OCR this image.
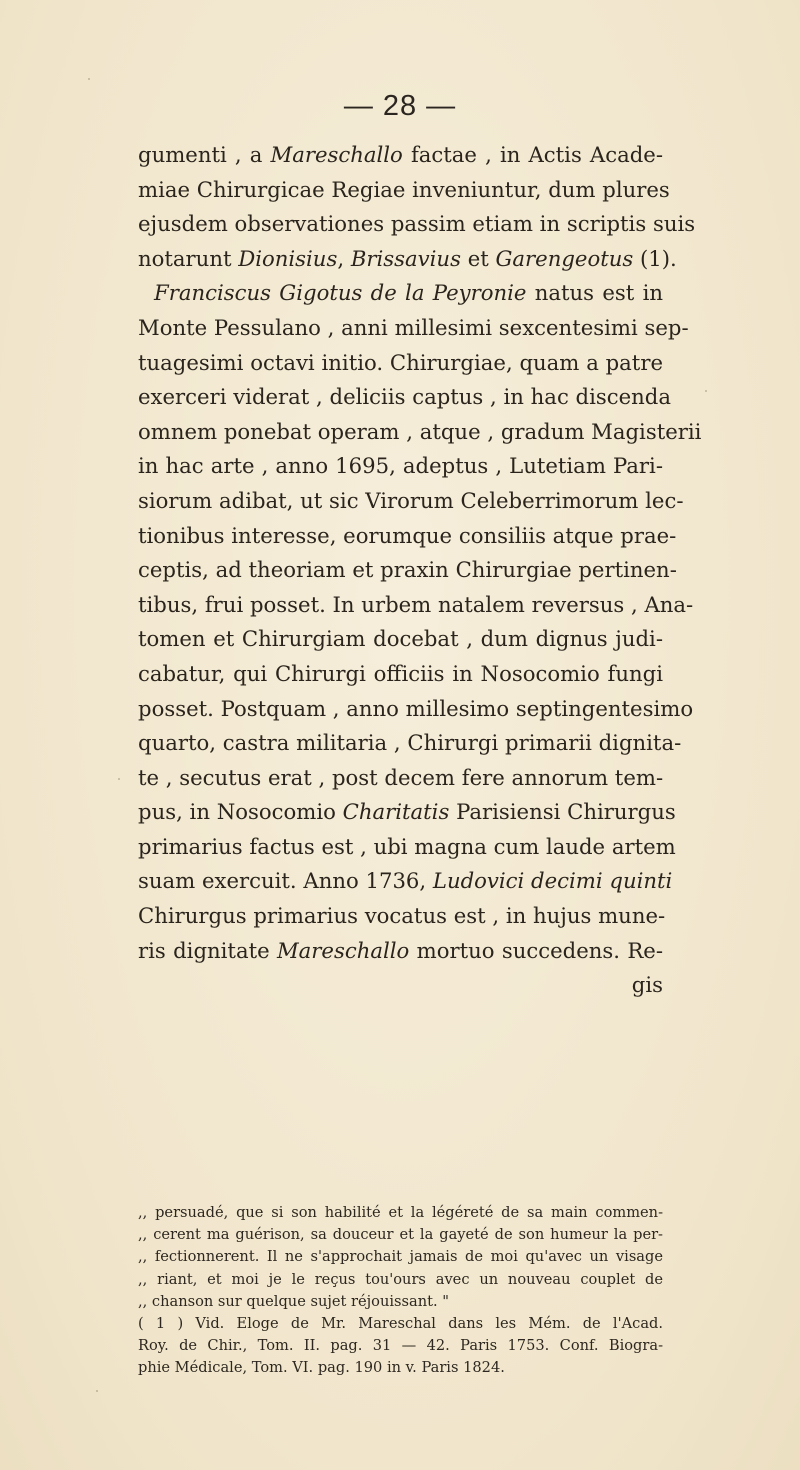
— 28 —
gumenti , a Mareschallo factae , in Actis Acade-
miae Chirurgicae Regiae inveniuntur, dum plures
ejusdem observationes passim etiam in scriptis suis
notarunt Dionisius, Brissavius et Garengeotus (1).
Franciscus Gigotus de la Peyronie natus est in
Monte Pessulano , anni millesimi sexcentesimi sep-
tuagesimi octavi initio. Chirurgiae, quam a patre
exerceri viderat , deliciis captus , in hac discenda
omnem ponebat operam , atque , gradum Magisterii
in hac arte , anno 1695, adeptus , Lutetiam Pari-
siorum adibat, ut sic Virorum Celeberrimorum lec-
tionibus interesse, eorumque consiliis atque prae-
ceptis, ad theoriam et praxin Chirurgiae pertinen-
tibus, frui posset. In urbem natalem reversus , Ana-
tomen et Chirurgiam docebat , dum dignus judi-
cabatur, qui Chirurgi officiis in Nosocomio fungi
posset. Postquam , anno millesimo septingentesimo
quarto, castra militaria , Chirurgi primarii dignita-
te , secutus erat , post decem fere annorum tem-
pus, in Nosocomio Charitatis Parisiensi Chirurgus
primarius factus est , ubi magna cum laude artem
suam exercuit. Anno 1736, Ludovici decimi quinti
Chirurgus primarius vocatus est , in hujus mune-
ris dignitate Mareschallo mortuo succedens. Re-
gis
,, persuadé, que si son habilité et la légéreté de sa main commen-
,, cerent ma guérison, sa douceur et la gayeté de son humeur la per-
,, fectionnerent. Il ne s'approchait jamais de moi qu'avec un visage
,, riant, et moi je le reçus tou'ours avec un nouveau couplet de
,, chanson sur quelque sujet réjouissant. "
( 1 ) Vid. Eloge de Mr. Mareschal dans les Mém. de l'Acad.
Roy. de Chir., Tom. II. pag. 31 — 42. Paris 1753. Conf. Biogra-
phie Médicale, Tom. VI. pag. 190 in v. Paris 1824.
